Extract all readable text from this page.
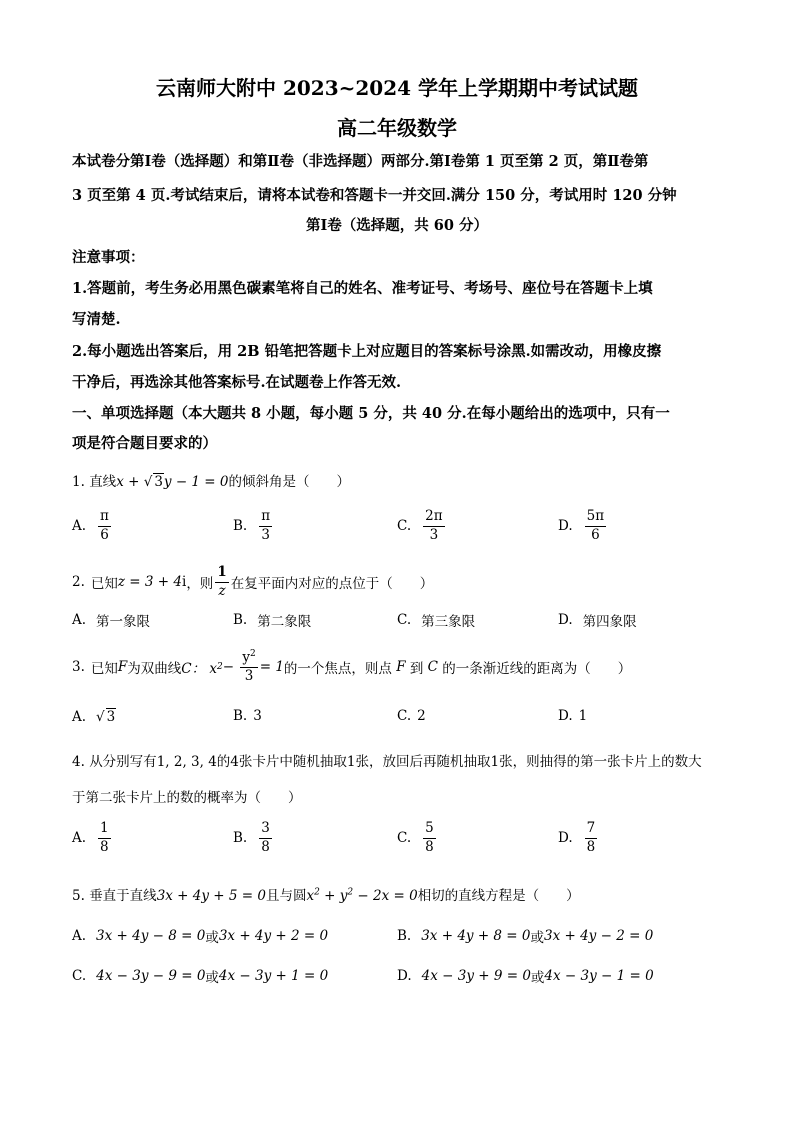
云南师大附中 2023~2024 学年上学期期中考试试题
高二年级数学
本试卷分第Ⅰ卷（选择题）和第Ⅱ卷（非选择题）两部分.第Ⅰ卷第 1 页至第 2 页，第Ⅱ卷第
3 页至第 4 页.考试结束后，请将本试卷和答题卡一并交回.满分 150 分，考试用时 120 分钟
第Ⅰ卷（选择题，共 60 分）
注意事项：
1.答题前，考生务必用黑色碳素笔将自己的姓名、准考证号、考场号、座位号在答题卡上填
写清楚.
2.每小题选出答案后，用 2B 铅笔把答题卡上对应题目的答案标号涂黑.如需改动，用橡皮擦
干净后，再选涂其他答案标号.在试题卷上作答无效.
一、单项选择题（本大题共 8 小题，每小题 5 分，共 40 分.在每小题给出的选项中，只有一
项是符合题目要求的）
1. 直线x + √ 3y − 1 = 0的倾斜角是（　　）
A. $\frac{\pi}{6}$	B. $\frac{\pi}{3}$	C. $\frac{2\pi}{3}$	D. $\frac{5\pi}{6}$
2. 已知 z = 3 + 4i ，则 $\frac{1}{z}$ 在复平面内对应的点位于（　　）
A. 第一象限	B. 第二象限	C. 第三象限	D. 第四象限
3. 已知 F 为双曲线 C： x $2 - \frac{y^2}{3} = 1$ 的一个焦点，则点 F 到 C 的一条渐近线的距离为（　　）
A. √ 3	B. 3	C. 2	D. 1
4. 从分别写有1, 2, 3, 4的4张卡片中随机抽取1张，放回后再随机抽取1张，则抽得的第一张卡片上的数大
于第二张卡片上的数的概率为（　　）
A. $\frac{1}{8}$	B. $\frac{3}{8}$	C. $\frac{5}{8}$	D. $\frac{7}{8}$
5. 垂直于直线3x + 4y + 5 = 0且与圆$x^2 + y^2 - 2x = 0$相切的直线方程是（　　）
A. 3x + 4y − 8 = 0 或 3x + 4y + 2 = 0	B. 3x + 4y + 8 = 0 或 3x + 4y − 2 = 0
C. 4x − 3y − 9 = 0 或 4x − 3y + 1 = 0	D. 4x − 3y + 9 = 0 或 4x − 3y − 1 = 0
